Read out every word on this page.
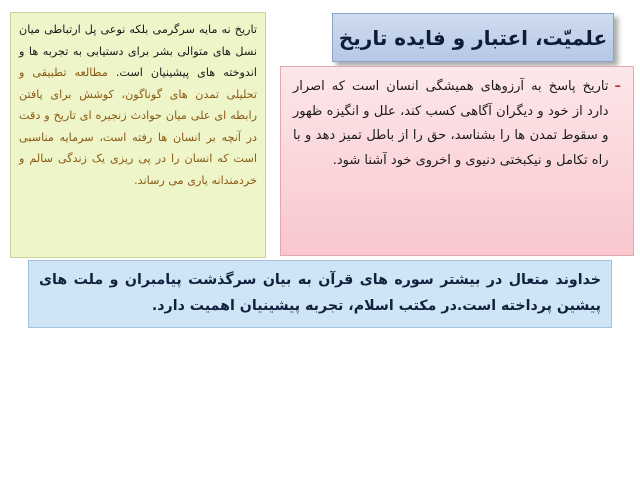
تاریخ نه مایه سرگرمی بلکه نوعی پل ارتباطی میان نسل های متوالی بشر برای دستیابی به تجربه ها و اندوخته های پیشینیان است. مطالعه تطبیقی و تحلیلی تمدن های گوناگون، کوشش برای یافتن رابطه ای علی میان حوادث زنجیره ای تاریخ و دقت در آنچه بر انسان ها رفته است، سرمایه مناسبی است که انسان را در پی ریزی یک زندگی سالم و خردمندانه یاری می رساند.
علمیّت، اعتبار و فایده تاریخ
–
تاریخ پاسخ به آرزوهای همیشگی انسان است که اصرار دارد از خود و دیگران آگاهی کسب کند، علل و انگیزه ظهور و سقوط تمدن ها را بشناسد، حق را از باطل تمیز دهد و با راه تکامل و نیکبختی دنیوی و اخروی خود آشنا شود.
خداوند متعال در بیشتر سوره های قرآن به بیان سرگذشت پیامبران و ملت های پیشین پرداخته است.در مکتب اسلام، تجربه پیشینیان اهمیت دارد.
